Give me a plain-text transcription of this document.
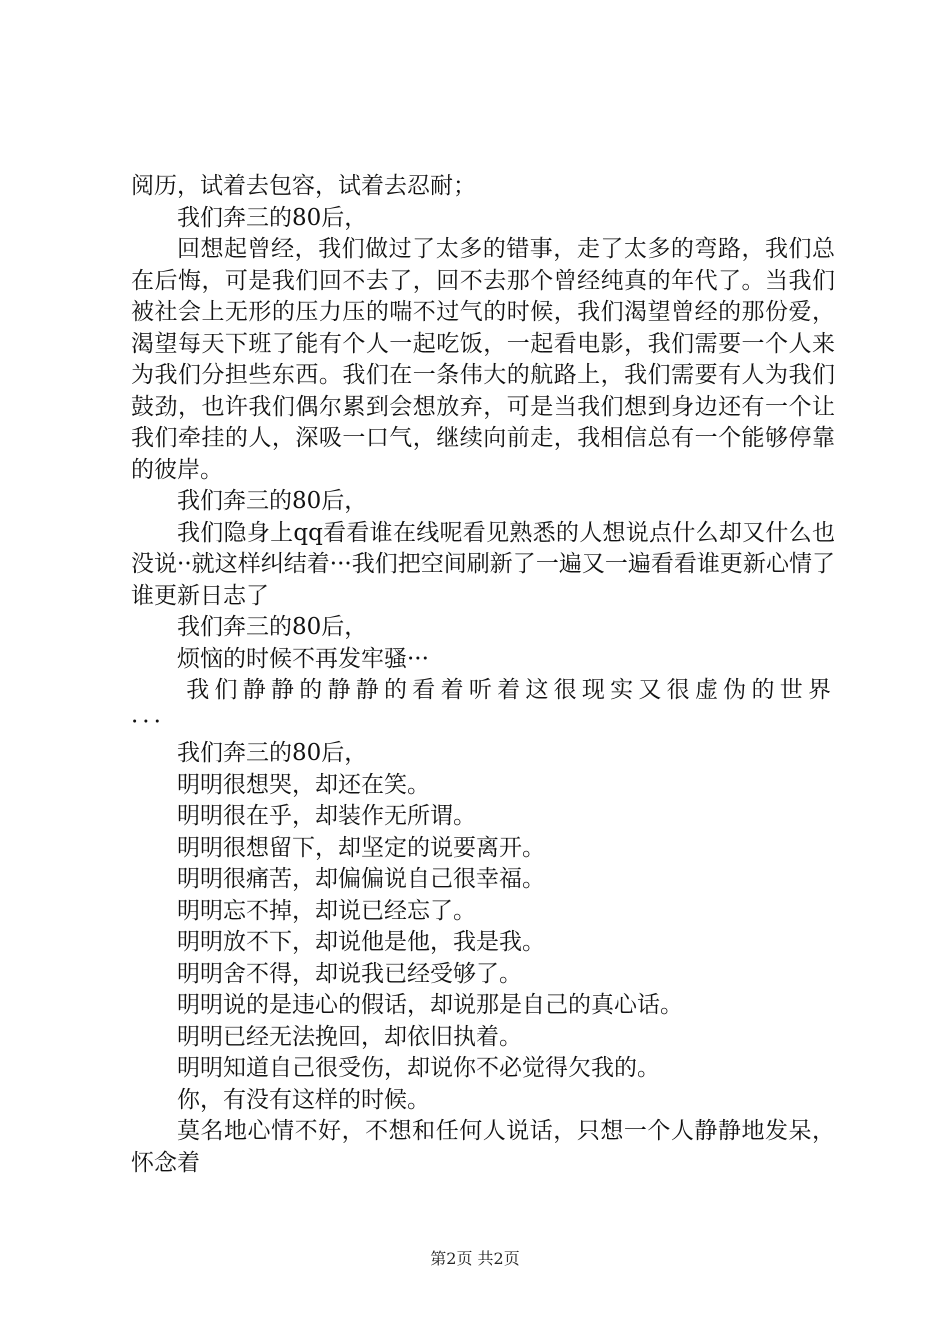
阅历，试着去包容，试着去忍耐；

我们奔三的80后，

回想起曾经，我们做过了太多的错事，走了太多的弯路，我们总在后悔，可是我们回不去了，回不去那个曾经纯真的年代了。当我们被社会上无形的压力压的喘不过气的时候，我们渴望曾经的那份爱，渴望每天下班了能有个人一起吃饭，一起看电影，我们需要一个人来为我们分担些东西。我们在一条伟大的航路上，我们需要有人为我们鼓劲，也许我们偶尔累到会想放弃，可是当我们想到身边还有一个让我们牵挂的人，深吸一口气，继续向前走，我相信总有一个能够停靠的彼岸。

我们奔三的80后，

我们隐身上qq看看谁在线呢看见熟悉的人想说点什么却又什么也没说··就这样纠结着···我们把空间刷新了一遍又一遍看看谁更新心情了谁更新日志了

我们奔三的80后，

烦恼的时候不再发牢骚···

我们静静的静静的看着听着这很现实又很虚伪的世界···

我们奔三的80后，

明明很想哭，却还在笑。

明明很在乎，却装作无所谓。

明明很想留下，却坚定的说要离开。

明明很痛苦，却偏偏说自己很幸福。

明明忘不掉，却说已经忘了。

明明放不下，却说他是他，我是我。

明明舍不得，却说我已经受够了。

明明说的是违心的假话，却说那是自己的真心话。

明明已经无法挽回，却依旧执着。

明明知道自己很受伤，却说你不必觉得欠我的。

你，有没有这样的时候。

莫名地心情不好，不想和任何人说话，只想一个人静静地发呆，怀念着

第2页 共2页
